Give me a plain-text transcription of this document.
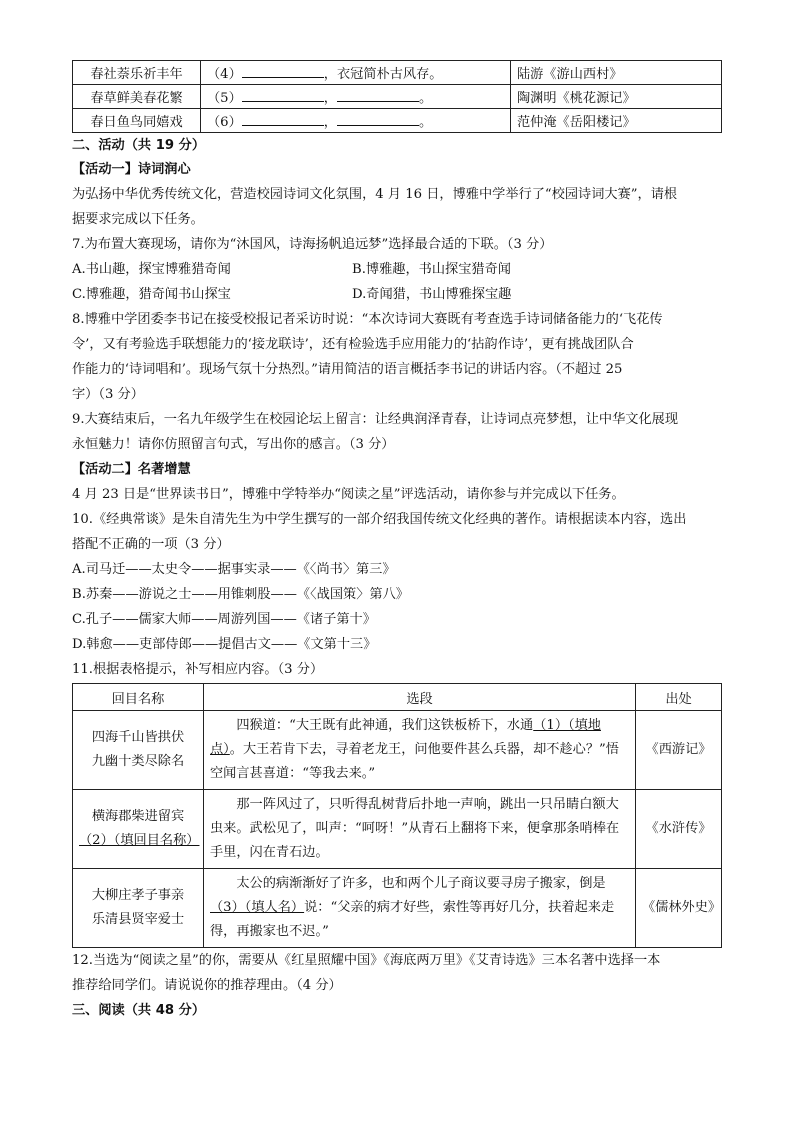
春社萘乐祈丰年	（4） ，衣冠简朴古风存。	陆游《游山西村》
春草鲜美春花繁	（5） ， 。	陶渊明《桃花源记》
春日鱼鸟同嬉戏	（6） ， 。	范仲淹《岳阳楼记》
二、活动（共 19 分）
【活动一】诗词润心
为弘扬中华优秀传统文化，营造校园诗词文化氛围，4 月 16 日，博雅中学举行了“校园诗词大赛”，请根
据要求完成以下任务。
7.为布置大赛现场，请你为“沐国风，诗海扬帆追远梦”选择最合适的下联。（3 分）
A.书山趣，探宝博雅猎奇闻	B.博雅趣，书山探宝猎奇闻
C.博雅趣，猎奇闻书山探宝	D.奇闻猎，书山博雅探宝趣
8.博雅中学团委李书记在接受校报记者采访时说：“本次诗词大赛既有考查选手诗词储备能力的‘飞花传
令’，又有考验选手联想能力的‘接龙联诗’，还有检验选手应用能力的‘拈韵作诗’，更有挑战团队合
作能力的‘诗词唱和’。现场气氛十分热烈。”请用简洁的语言概括李书记的讲话内容。（不超过 25
字）（3 分）
9.大赛结束后，一名九年级学生在校园论坛上留言：让经典润泽青春，让诗词点亮梦想，让中华文化展现
永恒魅力！请你仿照留言句式，写出你的感言。（3 分）
【活动二】名著增慧
4 月 23 日是“世界读书日”，博雅中学特举办“阅读之星”评选活动，请你参与并完成以下任务。
10.《经典常谈》是朱自清先生为中学生撰写的一部介绍我国传统文化经典的著作。请根据读本内容，选出
搭配不正确的一项（3 分）
A.司马迁——太史令——据事实录——《〈尚书〉第三》
B.苏秦——游说之士——用锥刺股——《〈战国策〉第八》
C.孔子——儒家大师——周游列国——《诸子第十》
D.韩愈——吏部侍郎——提倡古文——《文第十三》
11.根据表格提示，补写相应内容。（3 分）
回目名称	选段	出处

四海千山皆拱伏
九幽十类尽除名	　　四猴道：“大王既有此神通，我们这铁板桥下，水通（1）（填地点）。大王若肯下去，寻着老龙王，问他要件甚么兵器，却不趁心？”悟空闻言甚喜道：“等我去来。”	《西游记》

横海郡柴进留宾
（2）（填回目名称）	　　那一阵风过了，只听得乱树背后扑地一声响，跳出一只吊睛白额大虫来。武松见了，叫声：“呵呀！”从青石上翻将下来，便拿那条哨棒在手里，闪在青石边。	《水浒传》

大柳庄孝子事亲
乐清县贤宰爱士	　　太公的病渐渐好了许多，也和两个儿子商议要寻房子搬家，倒是（3）（填人名）说：“父亲的病才好些，索性等再好几分，扶着起来走得，再搬家也不迟。”	《儒林外史》
12.当选为“阅读之星”的你，需要从《红星照耀中国》《海底两万里》《艾青诗选》三本名著中选择一本
推荐给同学们。请说说你的推荐理由。（4 分）
三、阅读（共 48 分）
